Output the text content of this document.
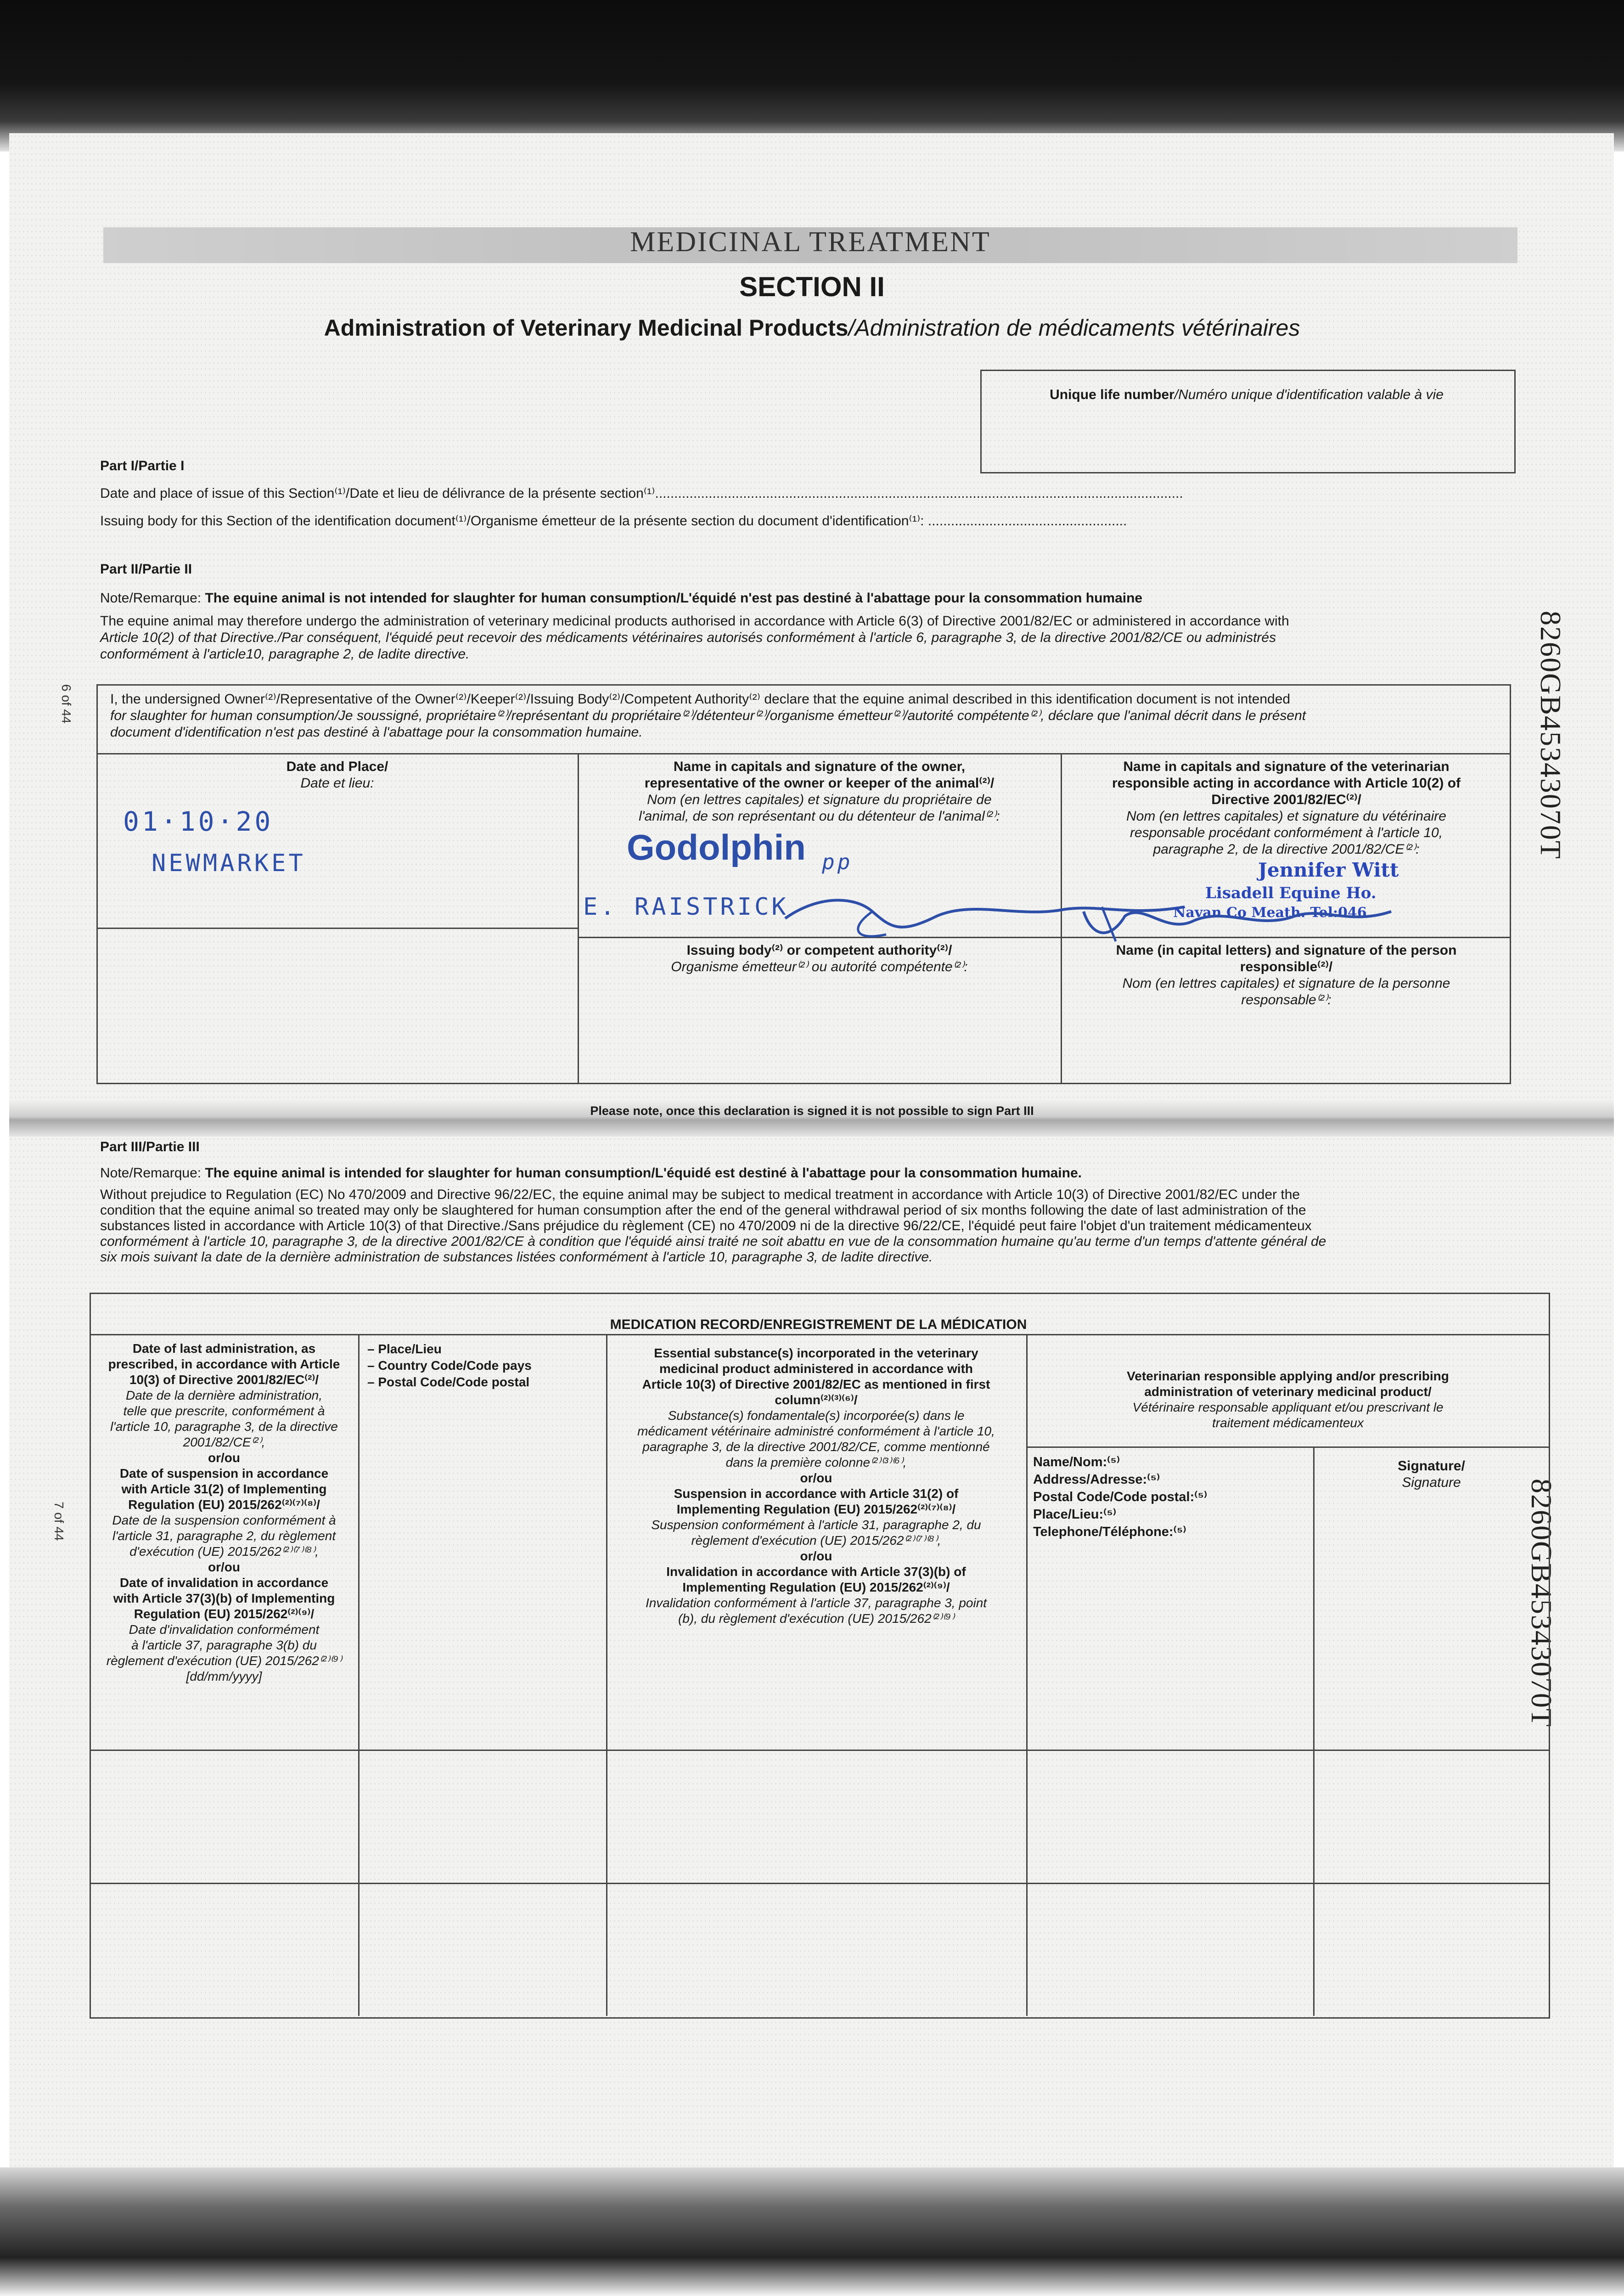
MEDICINAL TREATMENT
SECTION II
Administration of Veterinary Medicinal Products/Administration de médicaments vétérinaires
Unique life number/Numéro unique d'identification valable à vie
8260GB45343070T
8260GB45343070T
6 of 44
7 of 44
Part I/Partie I
Date and place of issue of this Section⁽¹⁾/Date et lieu de délivrance de la présente section⁽¹⁾..........................................................................................................................................
Issuing body for this Section of the identification document⁽¹⁾/Organisme émetteur de la présente section du document d'identification⁽¹⁾: ....................................................
Part II/Partie II
Note/Remarque: The equine animal is not intended for slaughter for human consumption/L'équidé n'est pas destiné à l'abattage pour la consommation humaine
The equine animal may therefore undergo the administration of veterinary medicinal products authorised in accordance with Article 6(3) of Directive 2001/82/EC or administered in accordance with
Article 10(2) of that Directive./Par conséquent, l'équidé peut recevoir des médicaments vétérinaires autorisés conformément à l'article 6, paragraphe 3, de la directive 2001/82/CE ou administrés
conformément à l'article10, paragraphe 2, de ladite directive.
I, the undersigned Owner⁽²⁾/Representative of the Owner⁽²⁾/Keeper⁽²⁾/Issuing Body⁽²⁾/Competent Authority⁽²⁾ declare that the equine animal described in this identification document is not intended
for slaughter for human consumption/Je soussigné, propriétaire⁽²⁾/représentant du propriétaire⁽²⁾/détenteur⁽²⁾/organisme émetteur⁽²⁾/autorité compétente⁽²⁾, déclare que l'animal décrit dans le présent
document d'identification n'est pas destiné à l'abattage pour la consommation humaine.
Date and Place/
Date et lieu:
Name in capitals and signature of the owner,
representative of the owner or keeper of the animal⁽²⁾/
Nom (en lettres capitales) et signature du propriétaire de
l'animal, de son représentant ou du détenteur de l'animal⁽²⁾:
Name in capitals and signature of the veterinarian
responsible acting in accordance with Article 10(2) of
Directive 2001/82/EC⁽²⁾/
Nom (en lettres capitales) et signature du vétérinaire
responsable procédant conformément à l'article 10,
paragraphe 2, de la directive 2001/82/CE⁽²⁾:
01·10·20
NEWMARKET	Godolphin pp
E. RAISTRICK
Jennifer Witt
Lisadell Equine Ho.
Navan Co Meath. Tel:046
Issuing body⁽²⁾ or competent authority⁽²⁾/
Organisme émetteur⁽²⁾ ou autorité compétente⁽²⁾:
Name (in capital letters) and signature of the person
responsible⁽²⁾/
Nom (en lettres capitales) et signature de la personne
responsable⁽²⁾:
Please note, once this declaration is signed it is not possible to sign Part III
Part III/Partie III
Note/Remarque: The equine animal is intended for slaughter for human consumption/L'équidé est destiné à l'abattage pour la consommation humaine.
Without prejudice to Regulation (EC) No 470/2009 and Directive 96/22/EC, the equine animal may be subject to medical treatment in accordance with Article 10(3) of Directive 2001/82/EC under the
condition that the equine animal so treated may only be slaughtered for human consumption after the end of the general withdrawal period of six months following the date of last administration of the
substances listed in accordance with Article 10(3) of that Directive./Sans préjudice du règlement (CE) no 470/2009 ni de la directive 96/22/CE, l'équidé peut faire l'objet d'un traitement médicamenteux
conformément à l'article 10, paragraphe 3, de la directive 2001/82/CE à condition que l'équidé ainsi traité ne soit abattu en vue de la consommation humaine qu'au terme d'un temps d'attente général de
six mois suivant la date de la dernière administration de substances listées conformément à l'article 10, paragraphe 3, de ladite directive.
MEDICATION RECORD/ENREGISTREMENT DE LA MÉDICATION
Date of last administration, as
prescribed, in accordance with Article
10(3) of Directive 2001/82/EC⁽²⁾/
Date de la dernière administration,
telle que prescrite, conformément à
l'article 10, paragraphe 3, de la directive
2001/82/CE⁽²⁾,
or/ou
Date of suspension in accordance
with Article 31(2) of Implementing
Regulation (EU) 2015/262⁽²⁾⁽⁷⁾⁽⁸⁾/
Date de la suspension conformément à
l'article 31, paragraphe 2, du règlement
d'exécution (UE) 2015/262⁽²⁾⁽⁷⁾⁽⁸⁾,
or/ou
Date of invalidation in accordance
with Article 37(3)(b) of Implementing
Regulation (EU) 2015/262⁽²⁾⁽⁹⁾/
Date d'invalidation conformément
à l'article 37, paragraphe 3(b) du
règlement d'exécution (UE) 2015/262⁽²⁾⁽⁹⁾
[dd/mm/yyyy]
– Place/Lieu
– Country Code/Code pays
– Postal Code/Code postal
Essential substance(s) incorporated in the veterinary
medicinal product administered in accordance with
Article 10(3) of Directive 2001/82/EC as mentioned in first
column⁽²⁾⁽³⁾⁽⁶⁾/
Substance(s) fondamentale(s) incorporée(s) dans le
médicament vétérinaire administré conformément à l'article 10,
paragraphe 3, de la directive 2001/82/CE, comme mentionné
dans la première colonne⁽²⁾⁽³⁾⁽⁶⁾,
or/ou
Suspension in accordance with Article 31(2) of
Implementing Regulation (EU) 2015/262⁽²⁾⁽⁷⁾⁽⁸⁾/
Suspension conformément à l'article 31, paragraphe 2, du
règlement d'exécution (UE) 2015/262⁽²⁾⁽⁷⁾⁽⁸⁾,
or/ou
Invalidation in accordance with Article 37(3)(b) of
Implementing Regulation (EU) 2015/262⁽²⁾⁽⁹⁾/
Invalidation conformément à l'article 37, paragraphe 3, point
(b), du règlement d'exécution (UE) 2015/262⁽²⁾⁽⁹⁾
Veterinarian responsible applying and/or prescribing
administration of veterinary medicinal product/
Vétérinaire responsable appliquant et/ou prescrivant le
traitement médicamenteux
Name/Nom:⁽⁵⁾
Address/Adresse:⁽⁵⁾
Postal Code/Code postal:⁽⁵⁾
Place/Lieu:⁽⁵⁾
Telephone/Téléphone:⁽⁵⁾
Signature/
Signature
